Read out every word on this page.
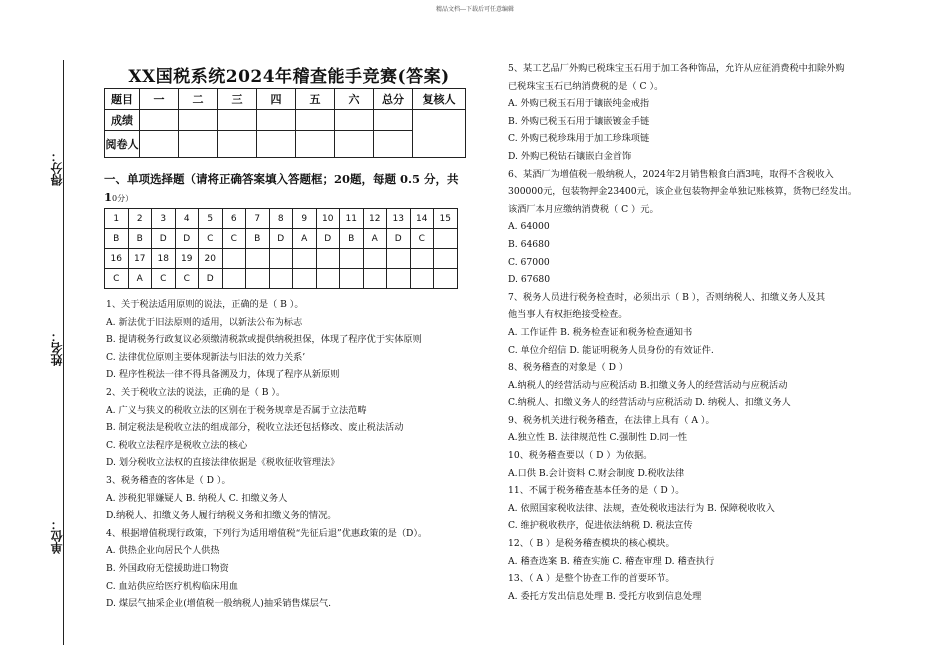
精品文档---下载后可任意编辑
得分：
姓名：
单位：
XX国税系统2024年稽查能手竞赛(答案)
题目	一	二	三	四	五	六	总分	复核人
成绩								
阅卷人								
一、单项选择题（请将正确答案填入答题框；20题，每题 0.5 分，共 10分）
1	2	3	4	5	6	7	8	9	10	11	12	13	14	15
B	B	D	D	C	C	B	D	A	D	B	A	D	C	
16	17	18	19	20										
C	A	C	C	D										

1、关于税法适用原则的说法，正确的是（ B ）。

A. 新法优于旧法原则的适用，以新法公布为标志

B. 提请税务行政复议必须缴清税款或提供纳税担保，体现了程序优于实体原则

C. 法律优位原则主要体现新法与旧法的效力关系’

D. 程序性税法一律不得具备溯及力，体现了程序从新原则

2、关于税收立法的说法，正确的是（ B ）。

A. 广义与狭义的税收立法的区别在于税务规章是否属于立法范畴

B. 制定税法是税收立法的组成部分，税收立法还包括修改、废止税法活动

C. 税收立法程序是税收立法的核心

D. 划分税收立法权的直接法律依据是《税收征收管理法》

3、税务稽查的客体是（ D ）。

A. 涉税犯罪嫌疑人 B. 纳税人 C. 扣缴义务人

D.纳税人、扣缴义务人履行纳税义务和扣缴义务的情况。

4、根据增值税现行政策，下列行为适用增值税“先征后退”优惠政策的是（D）。

A. 供热企业向居民个人供热

B. 外国政府无偿援助进口物资

C. 血站供应给医疗机构临床用血

D. 煤层气抽采企业(增值税一般纳税人)抽采销售煤层气.

5、某工艺品厂外购已税珠宝玉石用于加工各种饰品，允许从应征消费税中扣除外购

已税珠宝玉石已纳消费税的是（ C ）。

A. 外购已税玉石用于镶嵌纯金戒指

B. 外购已税玉石用于镶嵌镀金手链

C. 外购已税珍珠用于加工珍珠项链

D. 外购已税钻石镶嵌白金首饰

6、某酒厂为增值税一般纳税人，2024年2月销售粮食白酒3吨，取得不含税收入

300000元，包装物押金23400元，该企业包装物押金单独记账核算，货物已经发出。

该酒厂本月应缴纳消费税（ C ）元。

A. 64000

B. 64680

C. 67000

D. 67680

7、税务人员进行税务检查时，必须出示（ B ），否则纳税人、扣缴义务人及其

他当事人有权拒绝接受检查。

A. 工作证件 B. 税务检查证和税务检查通知书

C. 单位介绍信 D. 能证明税务人员身份的有效证件.

8、税务稽查的对象是（ D ）

A.纳税人的经营活动与应税活动 B.扣缴义务人的经营活动与应税活动

C.纳税人、扣缴义务人的经营活动与应税活动 D. 纳税人、扣缴义务人

9、税务机关进行税务稽查，在法律上具有（ A ）。

A.独立性 B. 法律规范性 C.强制性 D.同一性

10、税务稽查要以（ D ）为依据。

A.口供 B.会计资料 C.财会制度 D.税收法律

11、不属于税务稽查基本任务的是（ D ）。

A. 依照国家税收法律、法规，查处税收违法行为 B. 保障税收收入

C. 维护税收秩序，促进依法纳税 D. 税法宣传

12、（ B ）是税务稽查模块的核心模块。

A. 稽查选案 B. 稽查实施 C. 稽查审理 D. 稽查执行

13、（ A ）是整个协查工作的首要环节。

A. 委托方发出信息处理 B. 受托方收到信息处理
